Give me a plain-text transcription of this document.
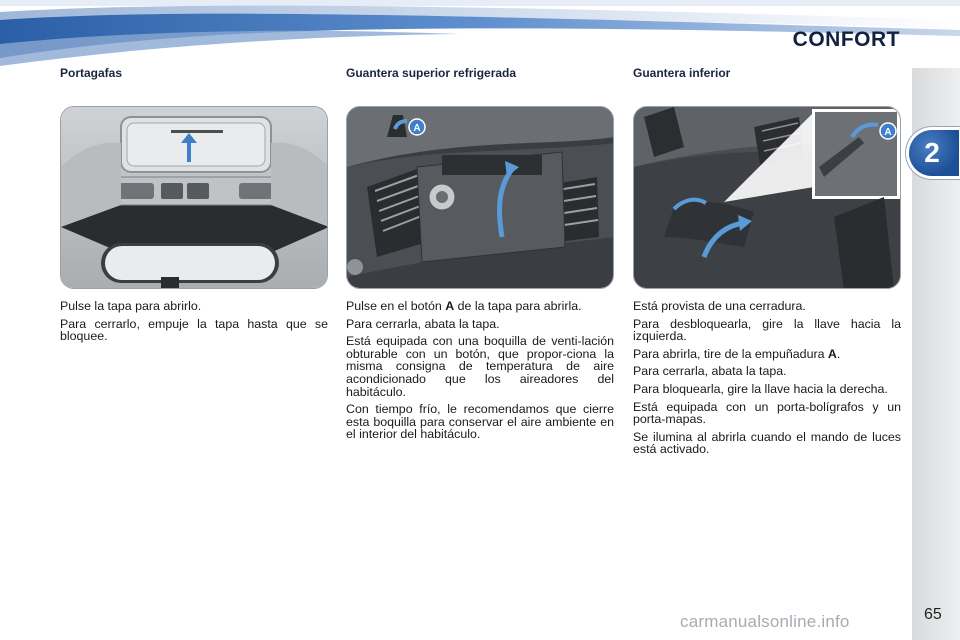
CONFORT
2
Portagafas

Pulse la tapa para abrirlo.

Para cerrarlo, empuje la tapa hasta que se bloquee.

Guantera superior refrigerada
A

Pulse en el botón A de la tapa para abrirla.

Para cerrarla, abata la tapa.

Está equipada con una boquilla de venti-lación obturable con un botón, que propor-ciona la misma consigna de temperatura de aire acondicionado que los aireadores del habitáculo.

Con tiempo frío, le recomendamos que cierre esta boquilla para conservar el aire ambiente en el interior del habitáculo.

Guantera inferior
A

Está provista de una cerradura.

Para desbloquearla, gire la llave hacia la izquierda.

Para abrirla, tire de la empuñadura A.

Para cerrarla, abata la tapa.

Para bloquearla, gire la llave hacia la derecha.

Está equipada con un porta-bolígrafos y un porta-mapas.

Se ilumina al abrirla cuando el mando de luces está activado.

65
carmanualsonline.info
